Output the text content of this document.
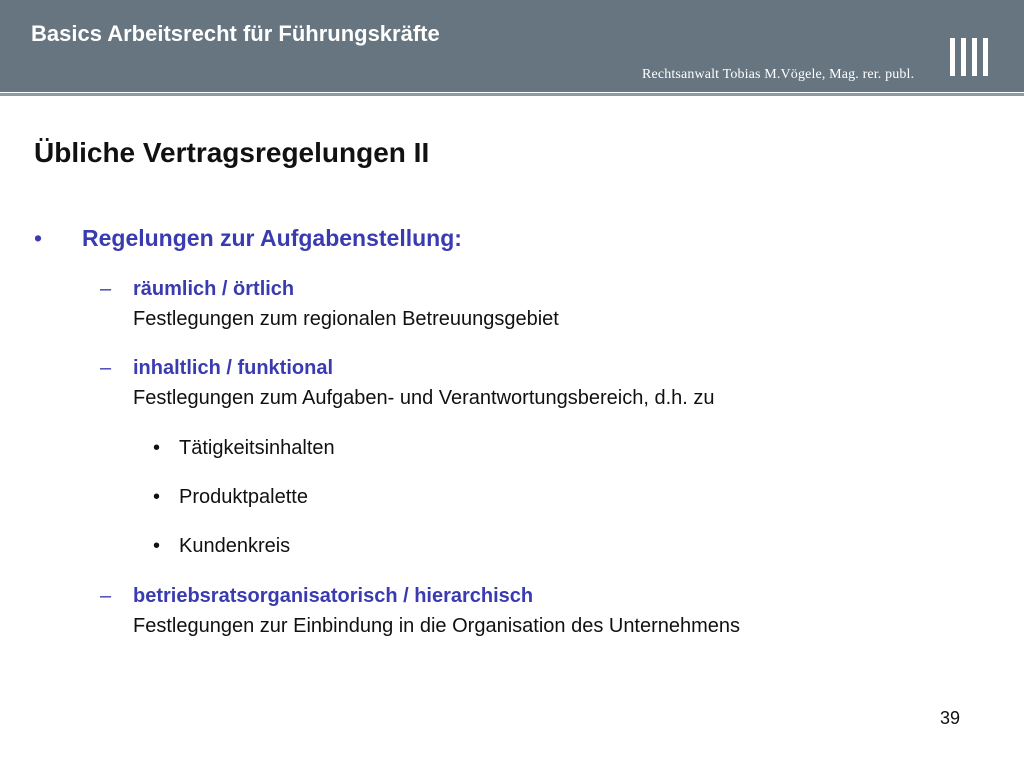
Basics Arbeitsrecht für Führungskräfte
Rechtsanwalt Tobias M.Vögele, Mag. rer. publ.
Übliche Vertragsregelungen II
• Regelungen zur Aufgabenstellung:
– räumlich / örtlich
Festlegungen zum regionalen Betreuungsgebiet
– inhaltlich / funktional
Festlegungen zum Aufgaben- und Verantwortungsbereich, d.h. zu
• Tätigkeitsinhalten
• Produktpalette
• Kundenkreis
– betriebsratsorganisatorisch / hierarchisch
Festlegungen zur Einbindung in die Organisation des Unternehmens
39
